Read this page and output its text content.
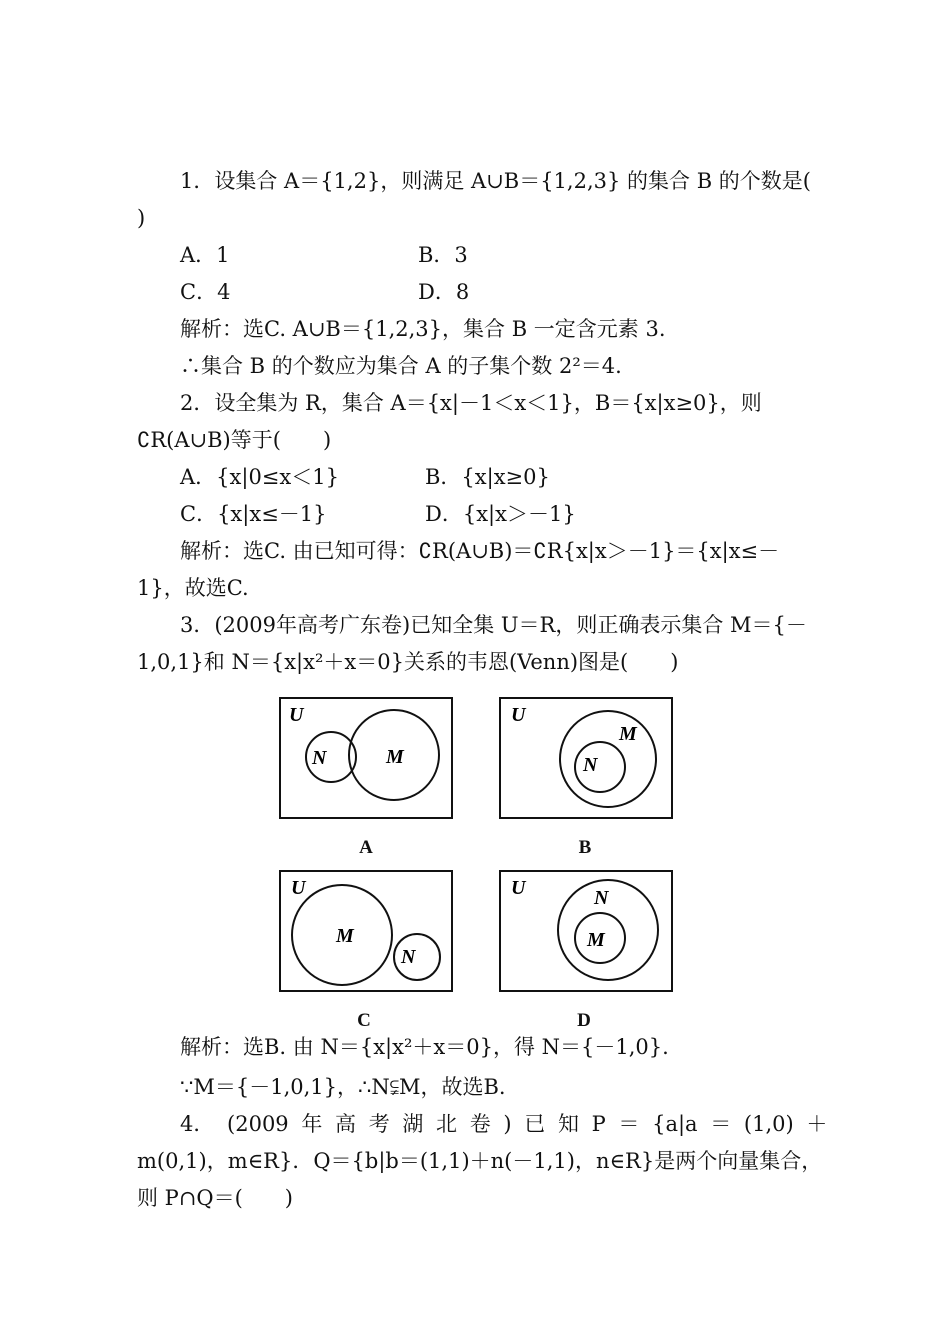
1．设集合 A＝{1,2}，则满足 A∪B＝{1,2,3} 的集合 B 的个数是(
)
A．1	B．3
C．4	D．8
解析：选C. A∪B＝{1,2,3}，集合 B 一定含元素 3.
∴集合 B 的个数应为集合 A 的子集个数 2²＝4.
2．设全集为 R，集合 A＝{x|－1＜x＜1}，B＝{x|x≥0}，则
∁R(A∪B)等于(　　)
A．{x|0≤x＜1}	B．{x|x≥0}
C．{x|x≤－1}	D．{x|x＞－1}
解析：选C. 由已知可得：∁R(A∪B)＝∁R{x|x＞－1}＝{x|x≤－
1}，故选C.
3．(2009年高考广东卷)已知全集 U＝R，则正确表示集合 M＝{－
1,0,1}和 N＝{x|x²＋x＝0}关系的韦恩(Venn)图是(　　)
U
M
N
A
U
M
N
B
U
M
N
C
U	N
M
D
解析：选B. 由 N＝{x|x²＋x＝0}，得 N＝{－1,0}.
∵M＝{－1,0,1}，∴N⫋M，故选B.
4． (2009 年 高 考 湖 北 卷 ) 已 知 P ＝ {a|a ＝ (1,0) ＋
m(0,1)，m∈R}．Q＝{b|b＝(1,1)＋n(－1,1)，n∈R}是两个向量集合，
则 P∩Q＝(　　)
